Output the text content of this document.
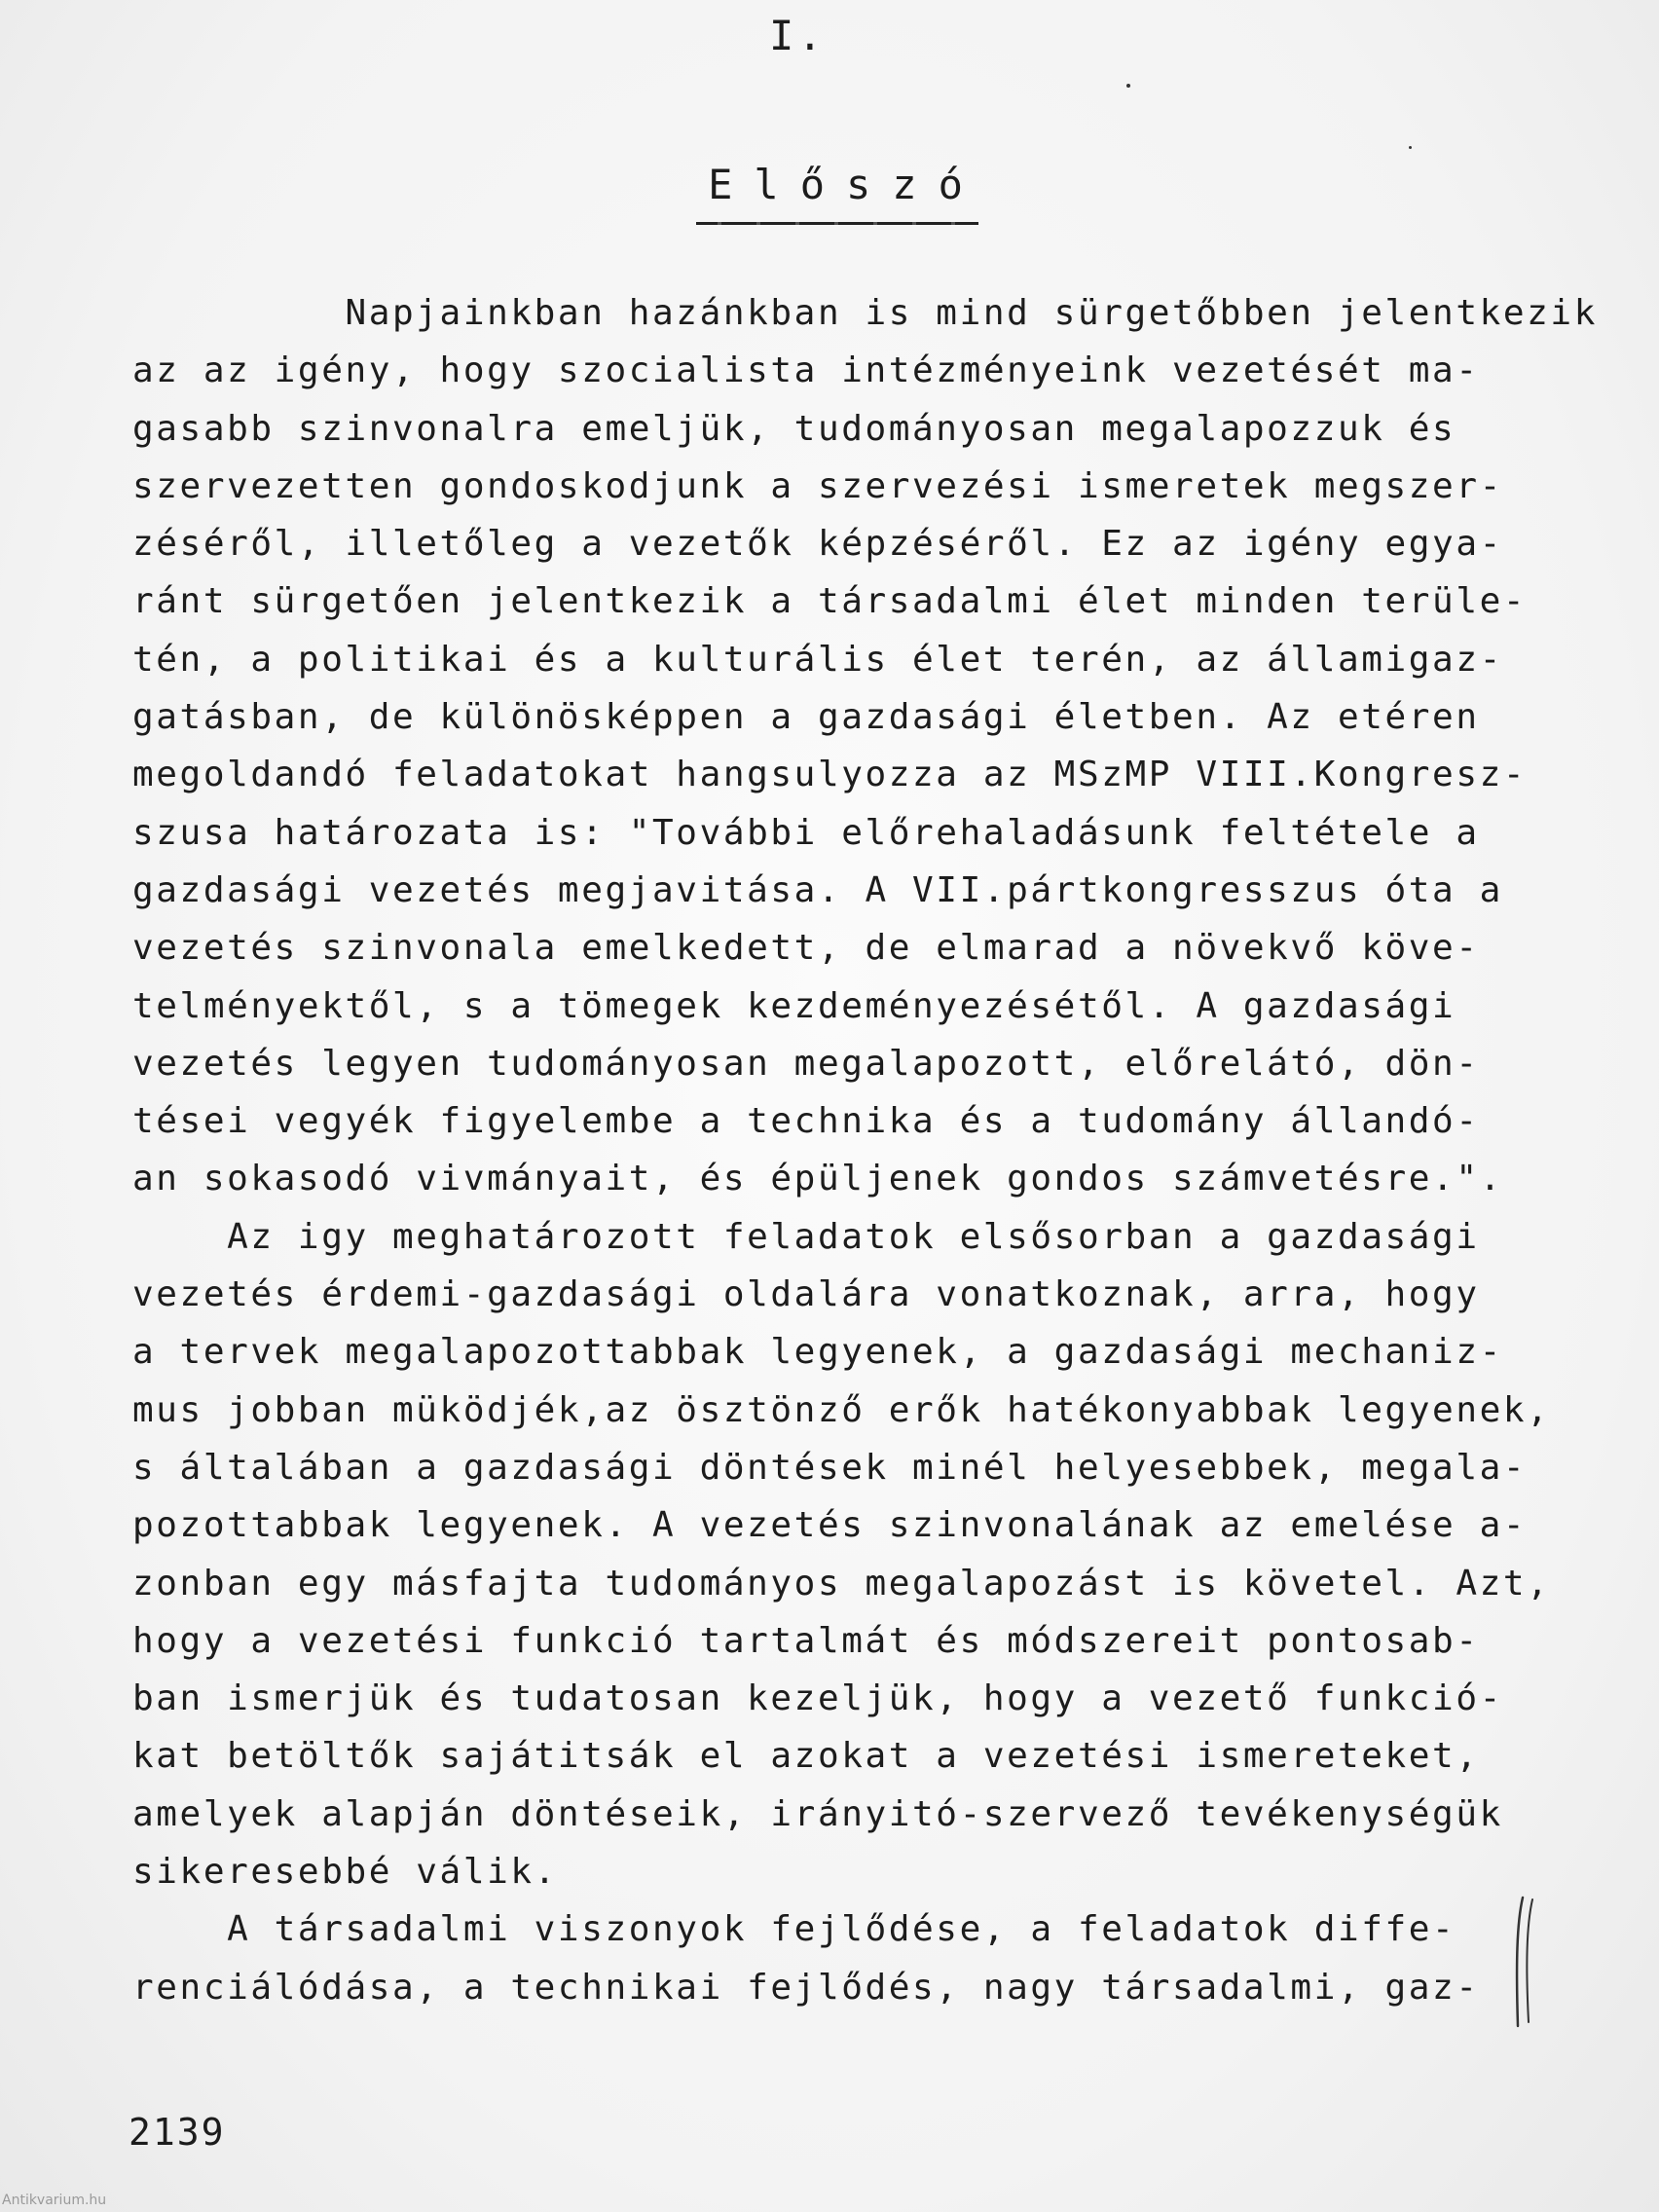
I.
Előszó
Napjainkban hazánkban is mind sürgetőbben jelentkezik
az az igény, hogy szocialista intézményeink vezetését ma-
gasabb szinvonalra emeljük, tudományosan megalapozzuk és
szervezetten gondoskodjunk a szervezési ismeretek megszer-
zéséről, illetőleg a vezetők képzéséről. Ez az igény egya-
ránt sürgetően jelentkezik a társadalmi élet minden terüle-
tén, a politikai és a kulturális élet terén, az államigaz-
gatásban, de különösképpen a gazdasági életben. Az etéren
megoldandó feladatokat hangsulyozza az MSzMP VIII.Kongresz-
szusa határozata is: "További előrehaladásunk feltétele a
gazdasági vezetés megjavitása. A VII.pártkongresszus óta a
vezetés szinvonala emelkedett, de elmarad a növekvő köve-
telményektől, s a tömegek kezdeményezésétől. A gazdasági
vezetés legyen tudományosan megalapozott, előrelátó, dön-
tései vegyék figyelembe a technika és a tudomány állandó-
an sokasodó vivmányait, és épüljenek gondos számvetésre.".
Az igy meghatározott feladatok elsősorban a gazdasági
vezetés érdemi-gazdasági oldalára vonatkoznak, arra, hogy
a tervek megalapozottabbak legyenek, a gazdasági mechaniz-
mus jobban müködjék,az ösztönző erők hatékonyabbak legyenek,
s általában a gazdasági döntések minél helyesebbek, megala-
pozottabbak legyenek. A vezetés szinvonalának az emelése a-
zonban egy másfajta tudományos megalapozást is követel. Azt,
hogy a vezetési funkció tartalmát és módszereit pontosab-
ban ismerjük és tudatosan kezeljük, hogy a vezető funkció-
kat betöltők sajátitsák el azokat a vezetési ismereteket,
amelyek alapján döntéseik, irányitó-szervező tevékenységük
sikeresebbé válik.
A társadalmi viszonyok fejlődése, a feladatok diffe-
renciálódása, a technikai fejlődés, nagy társadalmi, gaz-
2139
Antikvarium.hu
